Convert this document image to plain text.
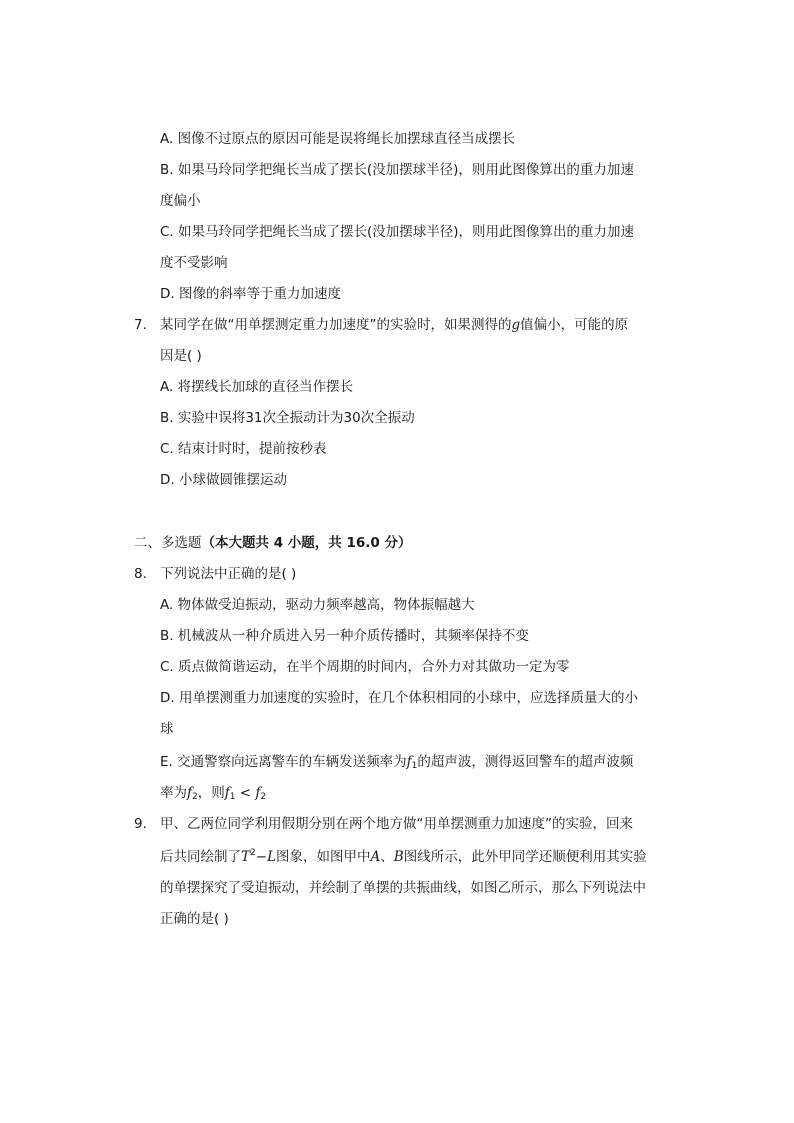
A. 图像不过原点的原因可能是误将绳长加摆球直径当成摆长
B. 如果马玲同学把绳长当成了摆长(没加摆球半径)，则用此图像算出的重力加速
度偏小
C. 如果马玲同学把绳长当成了摆长(没加摆球半径)，则用此图像算出的重力加速
度不受影响
D. 图像的斜率等于重力加速度
7. 某同学在做“用单摆测定重力加速度”的实验时，如果测得的g值偏小，可能的原
因是( )
A. 将摆线长加球的直径当作摆长
B. 实验中误将31次全振动计为30次全振动
C. 结束计时时，提前按秒表
D. 小球做圆锥摆运动
二、多选题（本大题共 4 小题，共 16.0 分）
8. 下列说法中正确的是( )
A. 物体做受迫振动，驱动力频率越高，物体振幅越大
B. 机械波从一种介质进入另一种介质传播时，其频率保持不变
C. 质点做简谐运动，在半个周期的时间内，合外力对其做功一定为零
D. 用单摆测重力加速度的实验时，在几个体积相同的小球中，应选择质量大的小
球
E. 交通警察向远离警车的车辆发送频率为f1的超声波，测得返回警车的超声波频
率为f2，则f1 < f2
9. 甲、乙两位同学利用假期分别在两个地方做“用单摆测重力加速度”的实验，回来
后共同绘制了$T^2-L$图象，如图甲中A、B图线所示，此外甲同学还顺便利用其实验
的单摆探究了受迫振动，并绘制了单摆的共振曲线，如图乙所示，那么下列说法中
正确的是( )
